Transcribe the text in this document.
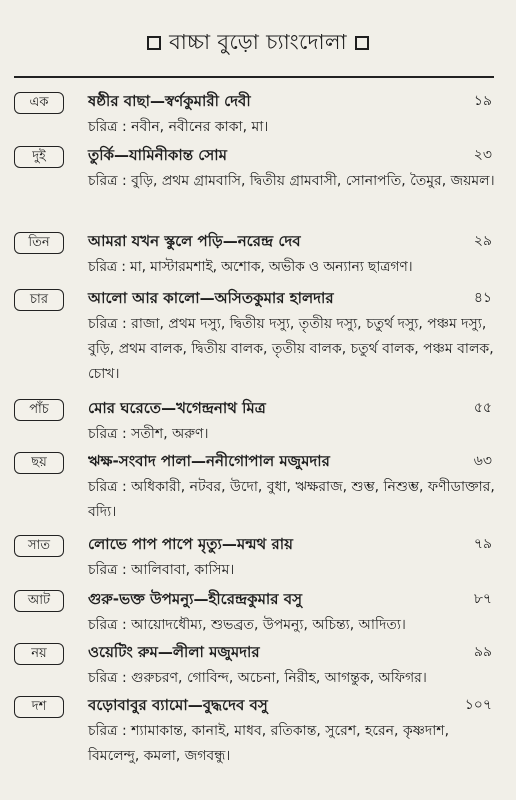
বাচ্চা বুড়ো চ্যাংদোলা
এক	ষষ্ঠীর বাছা—স্বর্ণকুমারী দেবী	১৯
চরিত্র : নবীন, নবীনের কাকা, মা।
দুই	তুর্কি—যামিনীকান্ত সোম	২৩
চরিত্র : বুড়ি, প্রথম গ্রামবাসি, দ্বিতীয় গ্রামবাসী, সোনাপতি, তৈমুর, জয়মল।
তিন	আমরা যখন স্কুলে পড়ি—নরেন্দ্র দেব	২৯
চরিত্র : মা, মাস্টারমশাই, অশোক, অভীক ও অন্যান্য ছাত্রগণ।
চার	আলো আর কালো—অসিতকুমার হালদার	৪১
চরিত্র : রাজা, প্রথম দস্যু, দ্বিতীয় দস্যু, তৃতীয় দস্যু, চতুর্থ দস্যু, পঞ্চম দস্যু, বুড়ি, প্রথম বালক, দ্বিতীয় বালক, তৃতীয় বালক, চতুর্থ বালক, পঞ্চম বালক, চোখ।
পাঁচ	মোর ঘরেতে—খগেন্দ্রনাথ মিত্র	৫৫
চরিত্র : সতীশ, অরুণ।
ছয়	ঋক্ষ-সংবাদ পালা—ননীগোপাল মজুমদার	৬৩
চরিত্র : অধিকারী, নটবর, উদো, বুধা, ঋক্ষরাজ, শুম্ভ, নিশুম্ভ, ফণীডাক্তার, বদ্যি।
সাত	লোভে পাপ পাপে মৃত্যু—মন্মথ রায়	৭৯
চরিত্র : আলিবাবা, কাসিম।
আট	গুরু-ভক্ত উপমন্যু—হীরেন্দ্রকুমার বসু	৮৭
চরিত্র : আয়োদধৌম্য, শুভব্রত, উপমন্যু, অচিন্ত্য, আদিত্য।
নয়	ওয়েটিং রুম—লীলা মজুমদার	৯৯
চরিত্র : গুরুচরণ, গোবিন্দ, অচেনা, নিরীহ, আগন্তুক, অফিগর।
দশ	বড়োবাবুর ব্যামো—বুদ্ধদেব বসু	১০৭
চরিত্র : শ্যামাকান্ত, কানাই, মাধব, রতিকান্ত, সুরেশ, হরেন, কৃষ্ণদাশ, বিমলেন্দু, কমলা, জগবন্ধু।
